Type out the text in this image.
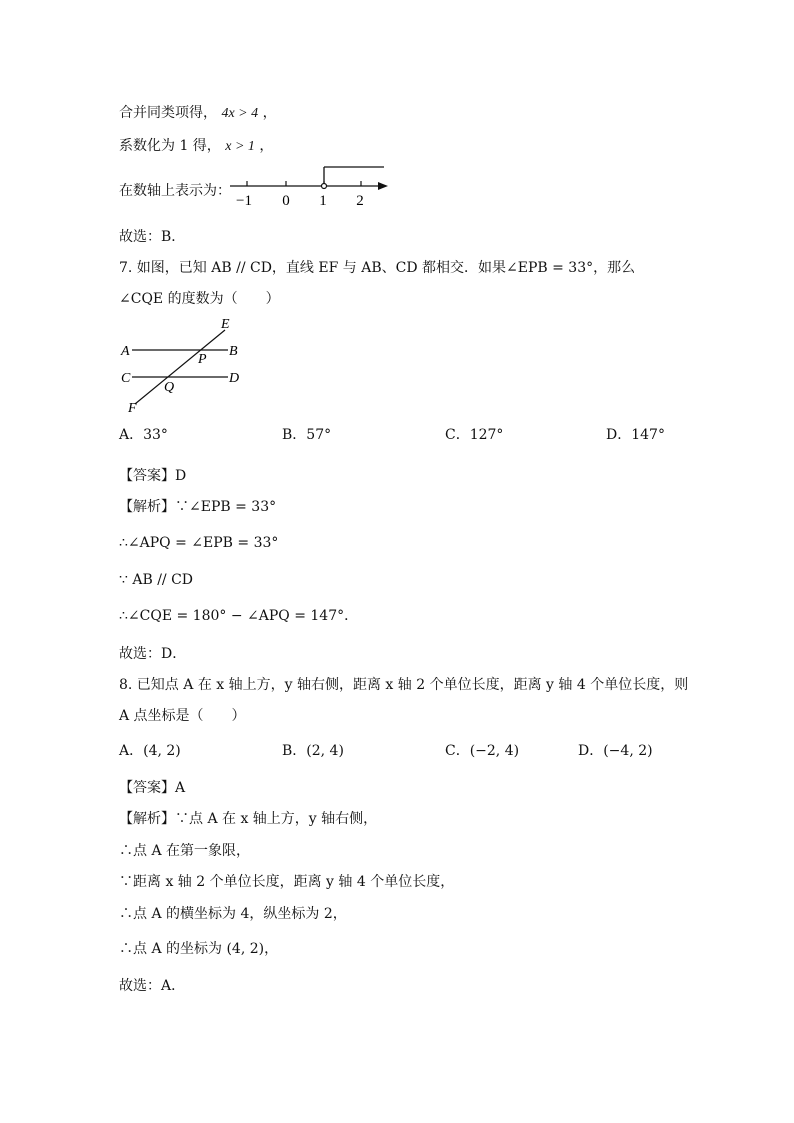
合并同类项得， 4x > 4 ，
系数化为 1 得， x > 1 ，
在数轴上表示为：
−1 0 1 2
故选：B．
7. 如图，已知 AB // CD，直线 EF 与 AB、CD 都相交．如果∠EPB = 33°，那么
∠CQE 的度数为（　　）
A	B
C	D
E
F
P
Q
A．33°	B．57°	C．127°	D．147°
【答案】D
【解析】∵∠EPB = 33°
∴∠APQ = ∠EPB = 33°
∵ AB // CD
∴∠CQE = 180° − ∠APQ = 147°．
故选：D．
8. 已知点 A 在 x 轴上方，y 轴右侧，距离 x 轴 2 个单位长度，距离 y 轴 4 个单位长度，则
A 点坐标是（　　）
A．(4, 2)	B．(2, 4)	C．(−2, 4)	D．(−4, 2)
【答案】A
【解析】∵点 A 在 x 轴上方，y 轴右侧，
∴点 A 在第一象限，
∵距离 x 轴 2 个单位长度，距离 y 轴 4 个单位长度，
∴点 A 的横坐标为 4，纵坐标为 2，
∴点 A 的坐标为 (4, 2)，
故选：A．
